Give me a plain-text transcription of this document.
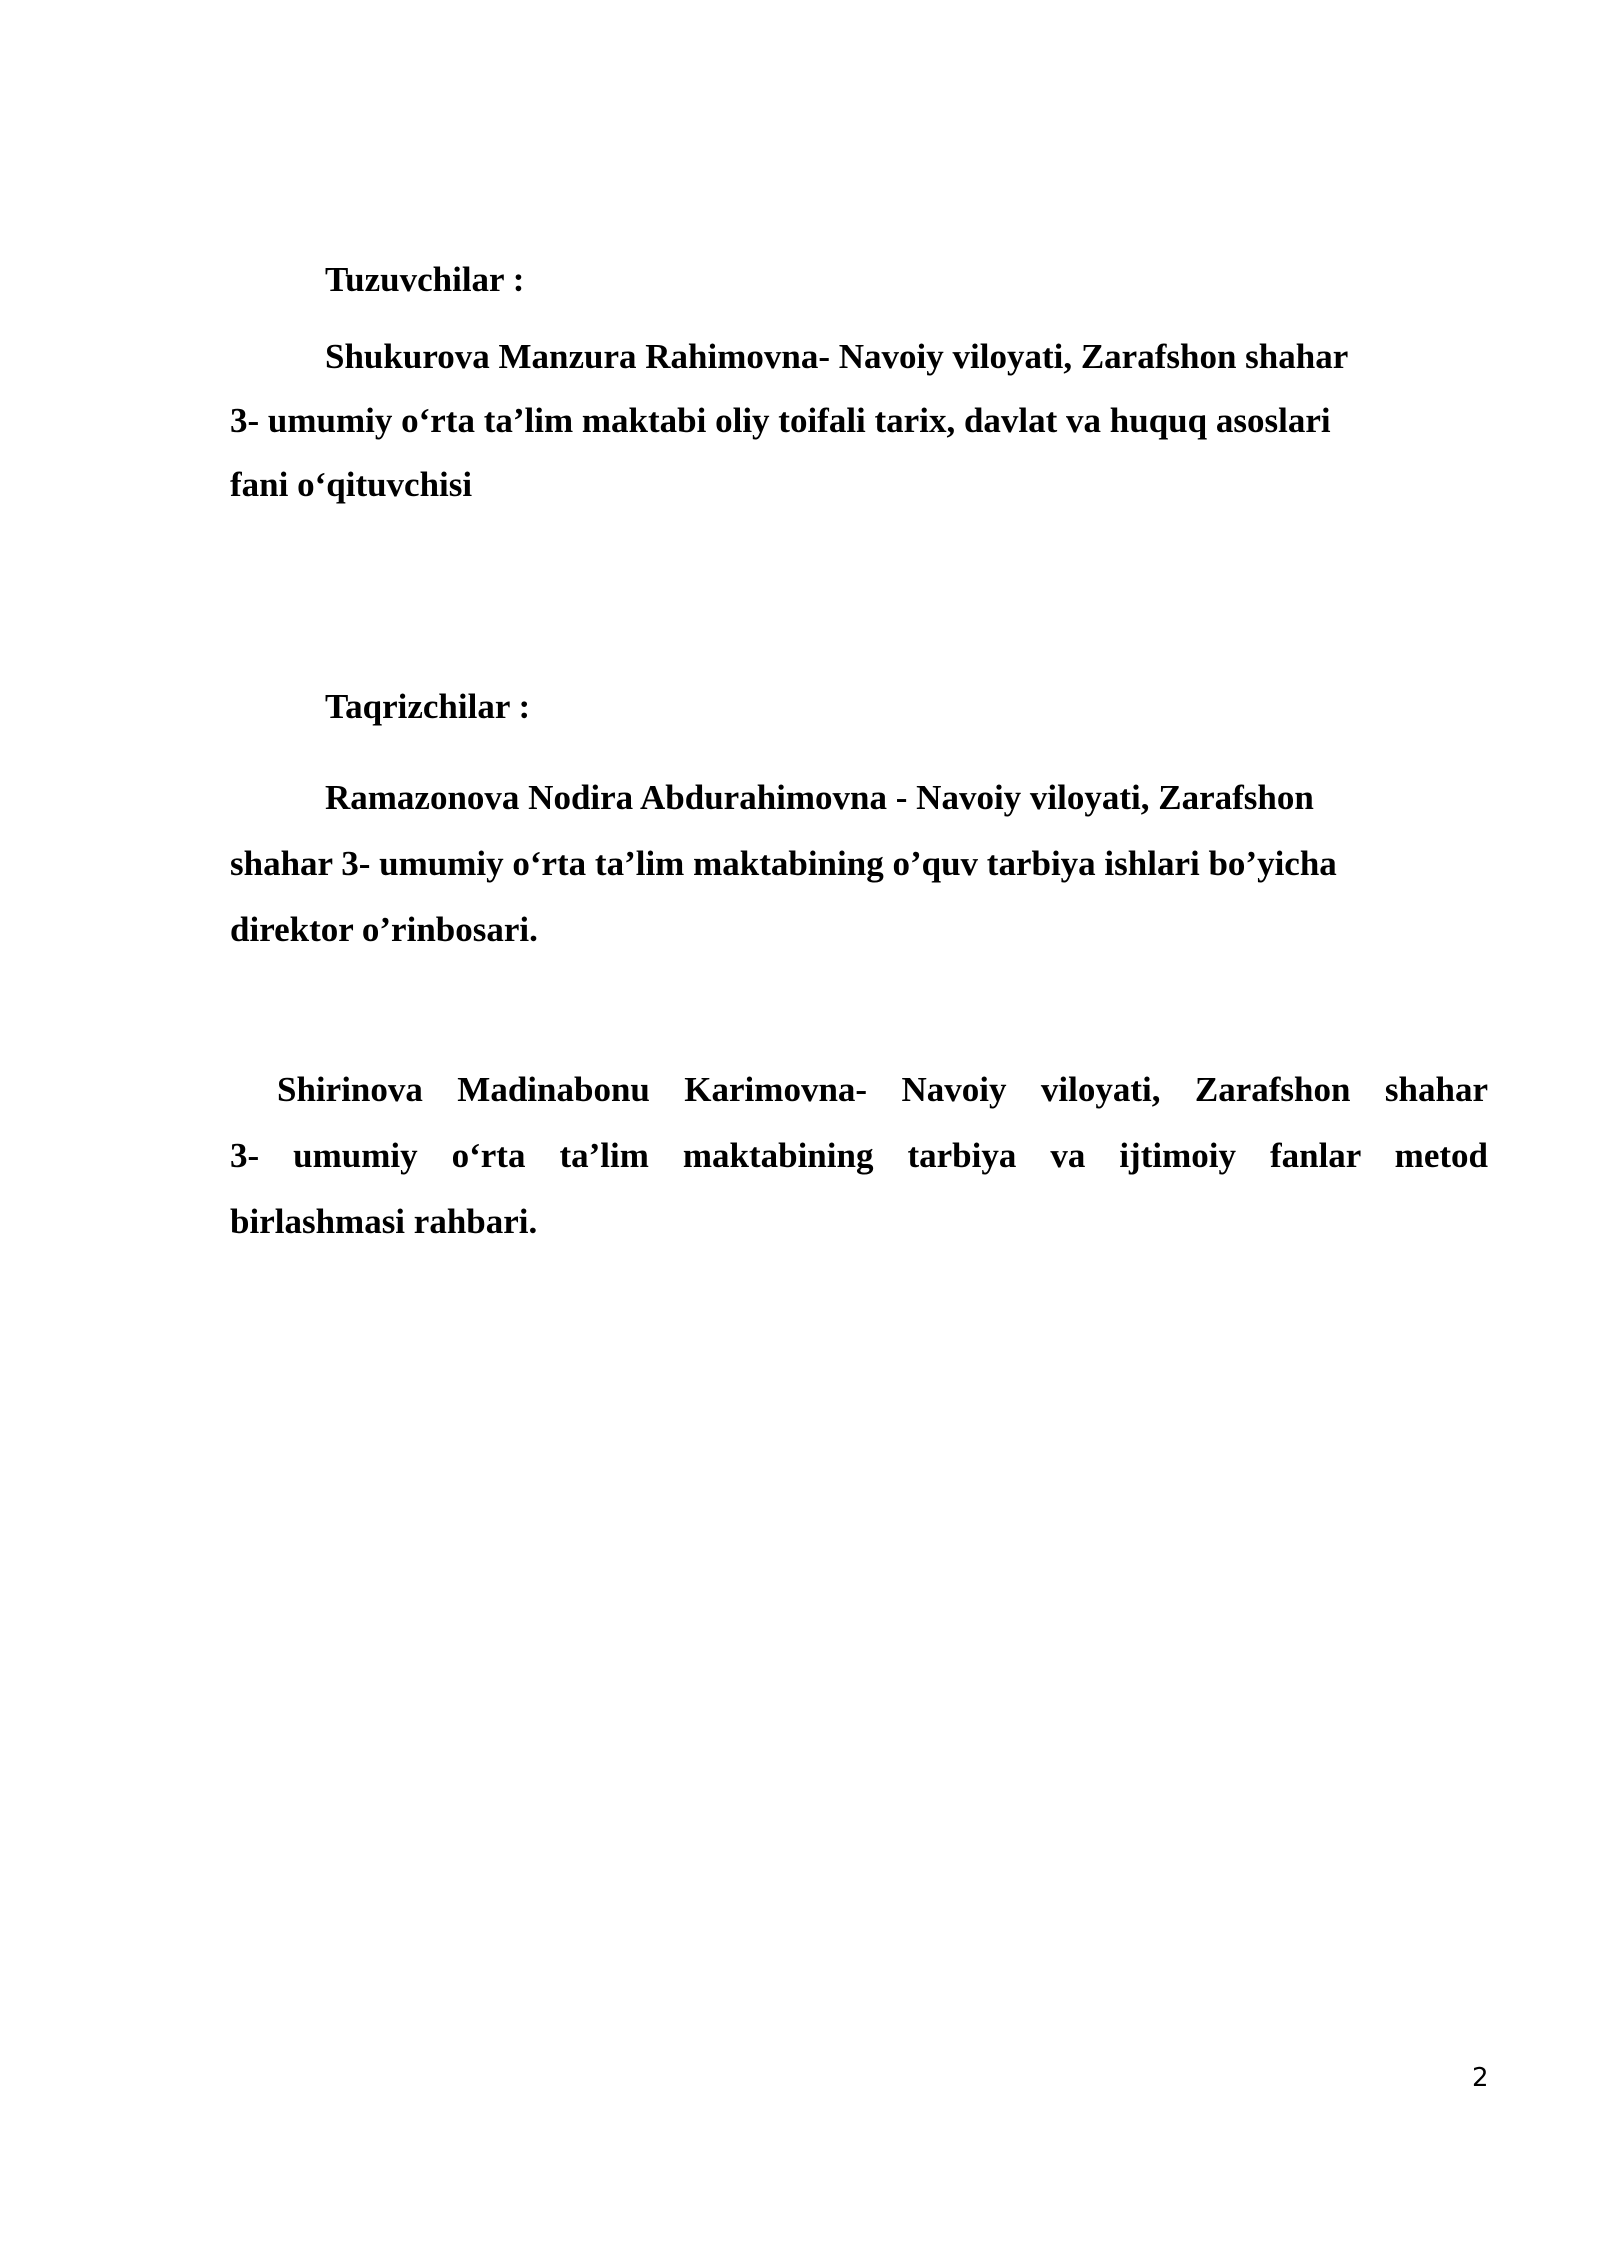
Tuzuvchilar :
Shukurova Manzura Rahimovna- Navoiy viloyati, Zarafshon shahar
3- umumiy o‘rta ta’lim maktabi oliy toifali tarix, davlat va huquq asoslari
fani o‘qituvchisi
Taqrizchilar :
Ramazonova Nodira Abdurahimovna - Navoiy viloyati, Zarafshon
shahar 3- umumiy o‘rta ta’lim maktabining o’quv tarbiya ishlari bo’yicha
direktor o’rinbosari.
Shirinova Madinabonu Karimovna- Navoiy viloyati, Zarafshon shahar
3- umumiy o‘rta ta’lim maktabining tarbiya va ijtimoiy fanlar metod
birlashmasi rahbari.
2
